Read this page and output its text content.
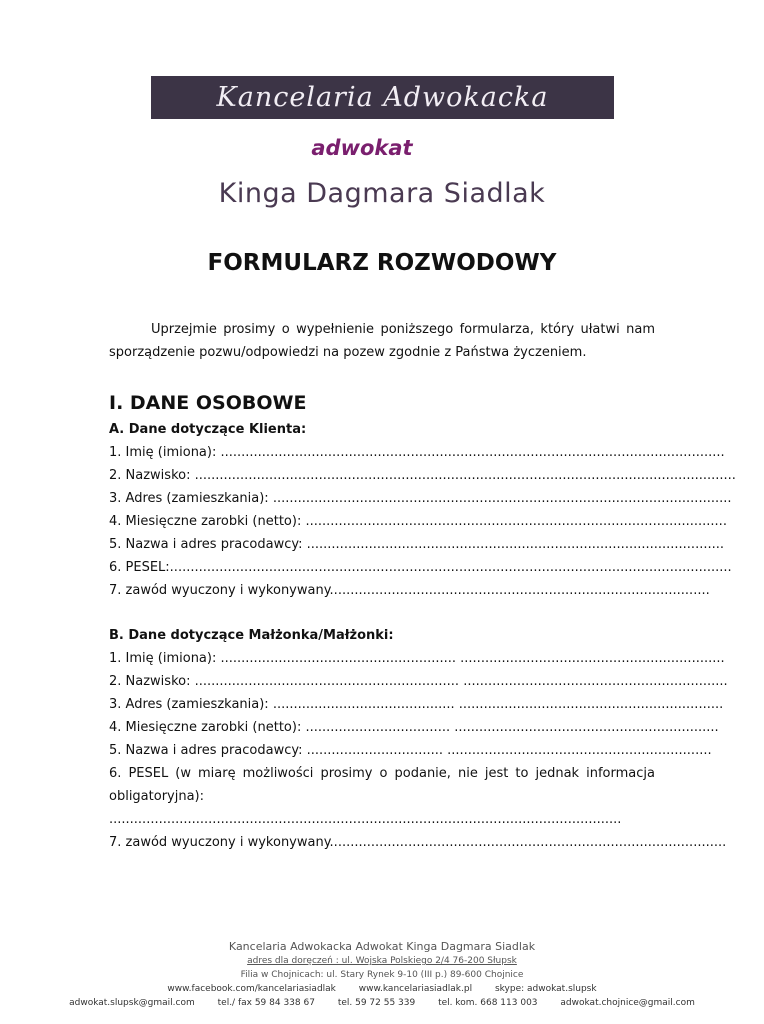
Kancelaria Adwokacka
adwokat
Kinga Dagmara Siadlak
FORMULARZ ROZWODOWY

Uprzejmie prosimy o wypełnienie poniższego formularza, który ułatwi nam sporządzenie pozwu/odpowiedzi na pozew zgodnie z Państwa życzeniem.

I. DANE OSOBOWE

A. Dane dotyczące Klienta:

1. Imię (imiona): ..........................................................................................................................

2. Nazwisko: ...................................................................................................................................

3. Adres (zamieszkania): ...............................................................................................................

4. Miesięczne zarobki (netto): ......................................................................................................

5. Nazwa i adres pracodawcy: .....................................................................................................

6. PESEL:........................................................................................................................................

7. zawód wyuczony i wykonywany............................................................................................

B. Dane dotyczące Małżonka/Małżonki:

1. Imię (imiona): ......................................................... ................................................................

2. Nazwisko: ................................................................ ................................................................

3. Adres (zamieszkania): ............................................ ................................................................

4. Miesięczne zarobki (netto): ................................... ................................................................

5. Nazwa i adres pracodawcy: ................................. ................................................................

6. PESEL (w miarę możliwości prosimy o podanie, nie jest to jednak informacja obligatoryjna): ............................................................................................................................

7. zawód wyuczony i wykonywany................................................................................................

Kancelaria Adwokacka Adwokat Kinga Dagmara Siadlak
adres dla doręczeń : ul. Wojska Polskiego 2/4 76-200 Słupsk
Filia w Chojnicach: ul. Stary Rynek 9-10 (III p.) 89-600 Chojnice
www.facebook.com/kancelariasiadlak	www.kancelariasiadlak.pl	skype: adwokat.slupsk
adwokat.slupsk@gmail.com	tel./ fax 59 84 338 67	tel. 59 72 55 339	tel. kom. 668 113 003	adwokat.chojnice@gmail.com
